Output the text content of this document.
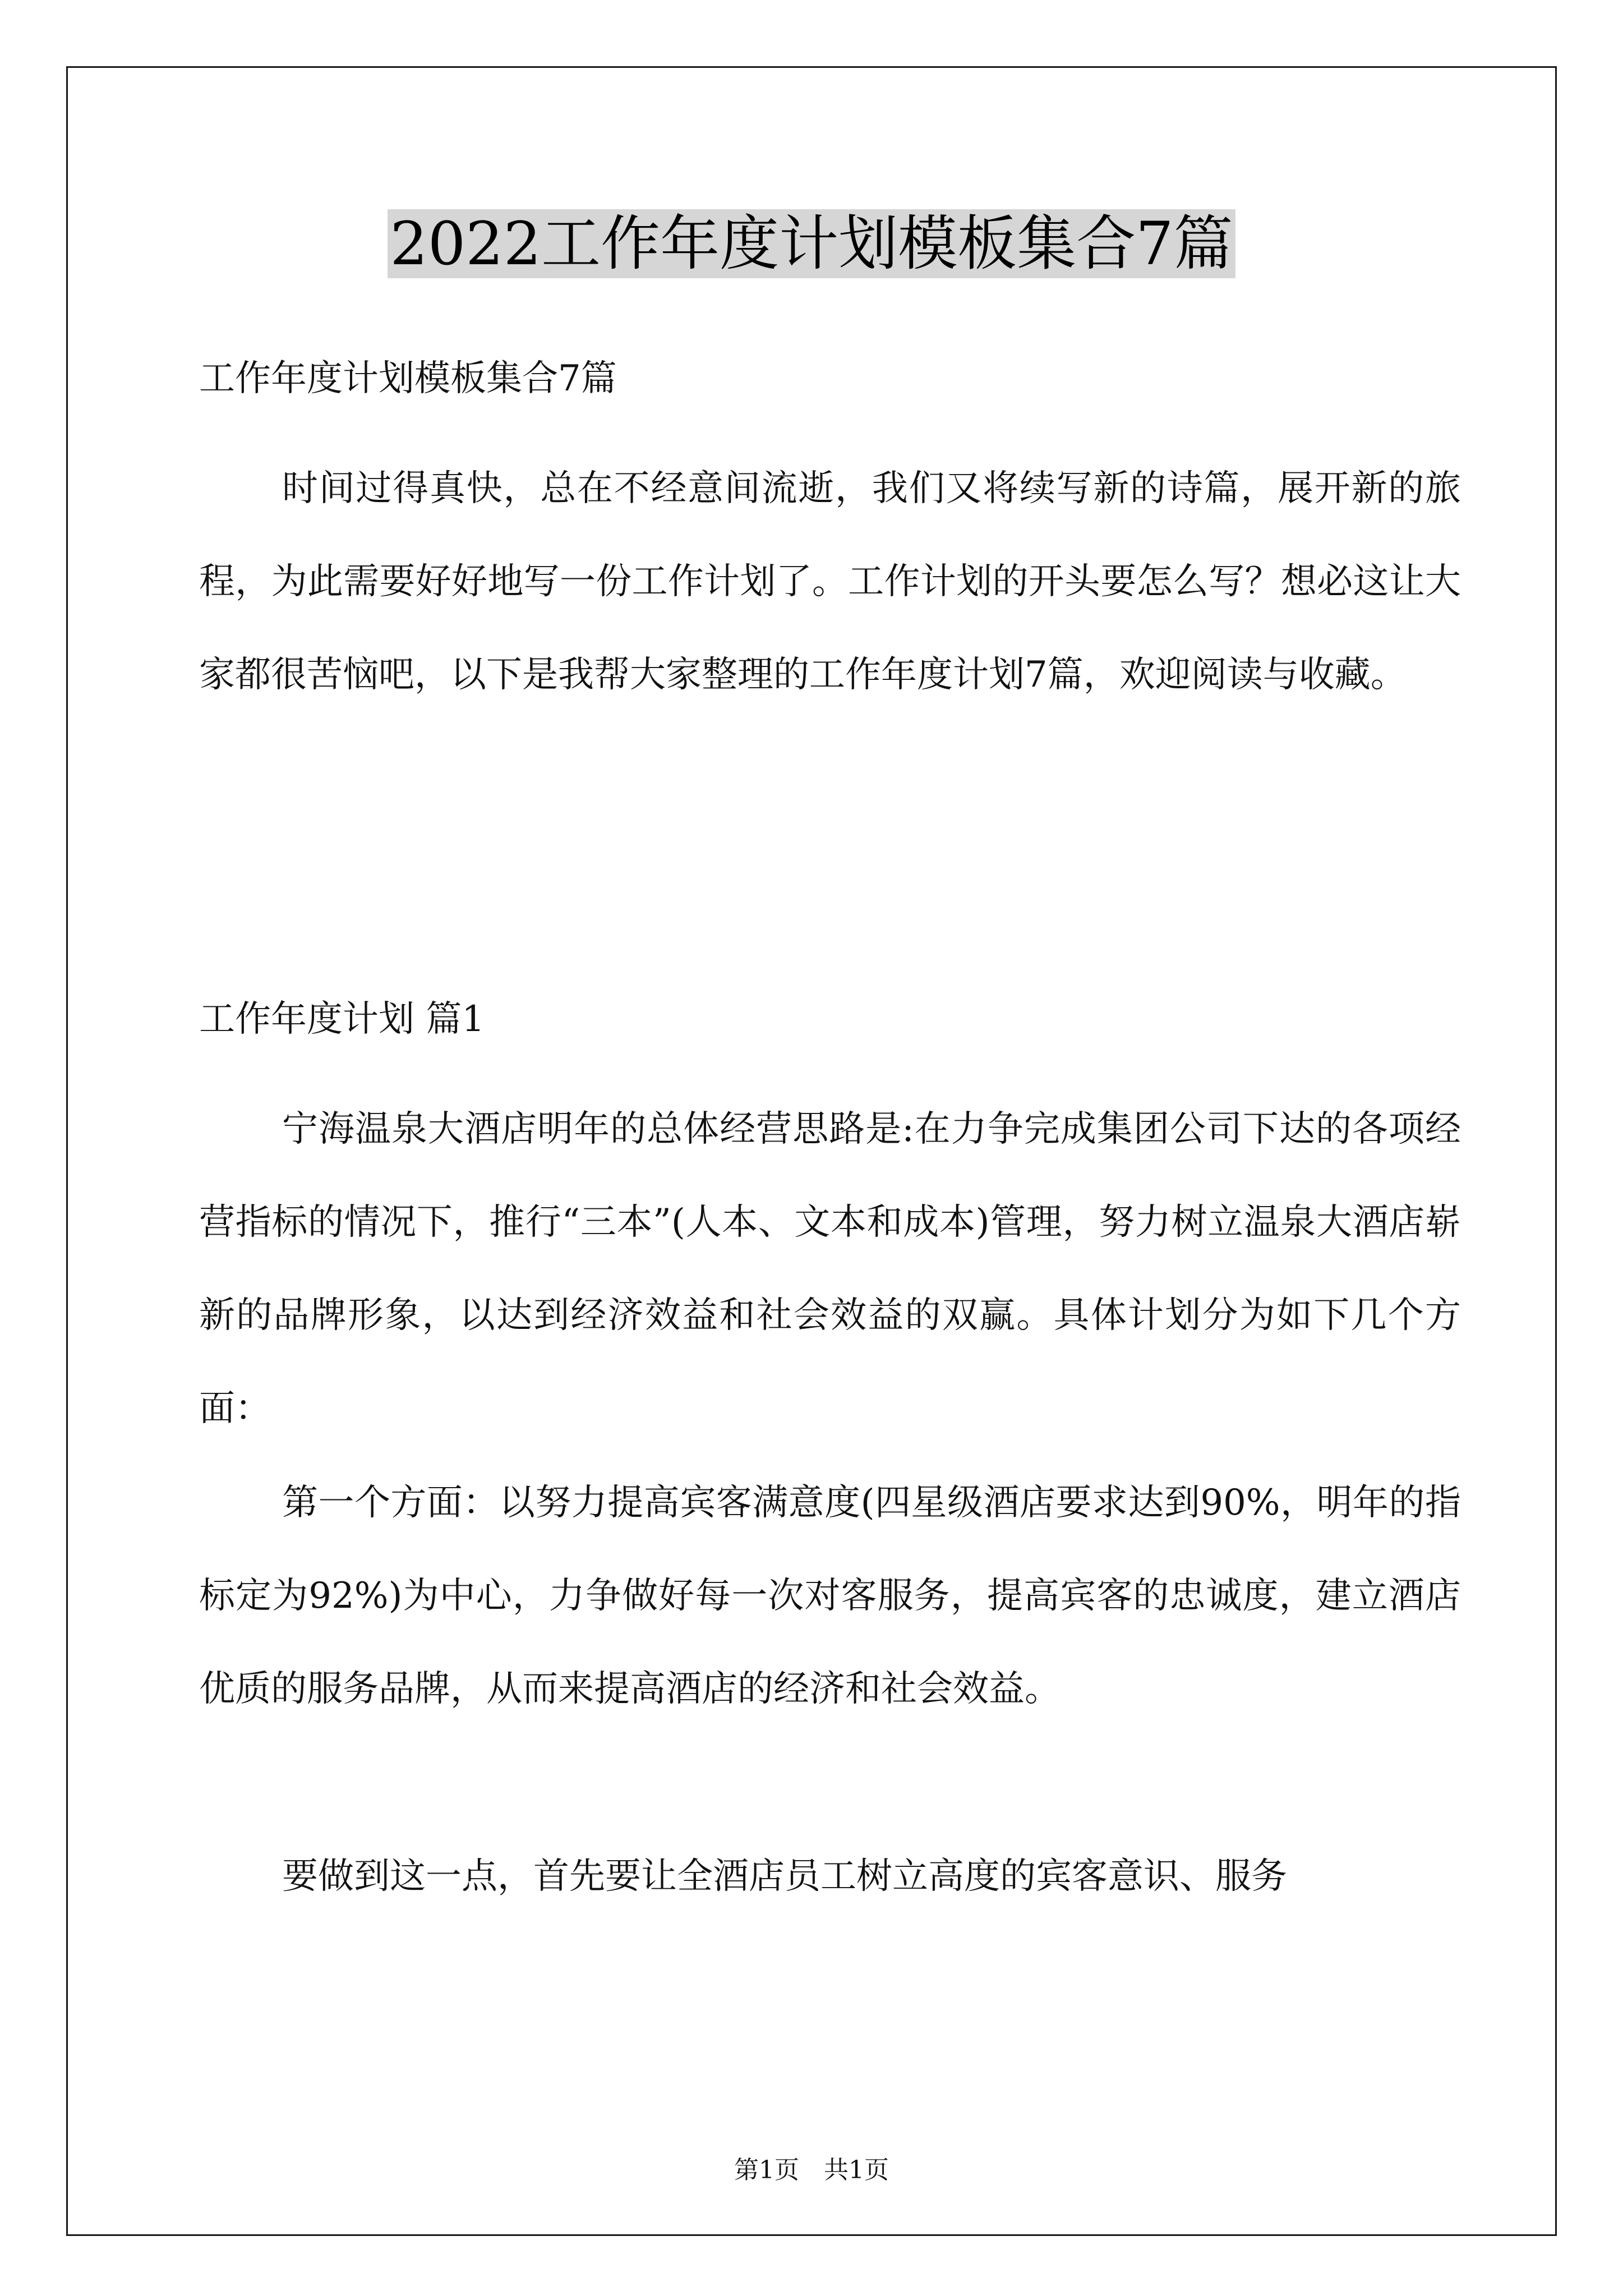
2022工作年度计划模板集合7篇

工作年度计划模板集合7篇

时间过得真快，总在不经意间流逝，我们又将续写新的诗篇，展开新的旅程，为此需要好好地写一份工作计划了。工作计划的开头要怎么写？想必这让大家都很苦恼吧，以下是我帮大家整理的工作年度计划7篇，欢迎阅读与收藏。

工作年度计划 篇1

宁海温泉大酒店明年的总体经营思路是:在力争完成集团公司下达的各项经营指标的情况下，推行“三本”(人本、文本和成本)管理，努力树立温泉大酒店崭新的品牌形象，以达到经济效益和社会效益的双赢。具体计划分为如下几个方面：

第一个方面：以努力提高宾客满意度(四星级酒店要求达到90%，明年的指标定为92%)为中心，力争做好每一次对客服务，提高宾客的忠诚度，建立酒店优质的服务品牌，从而来提高酒店的经济和社会效益。

要做到这一点，首先要让全酒店员工树立高度的宾客意识、服务

第1页　共1页
